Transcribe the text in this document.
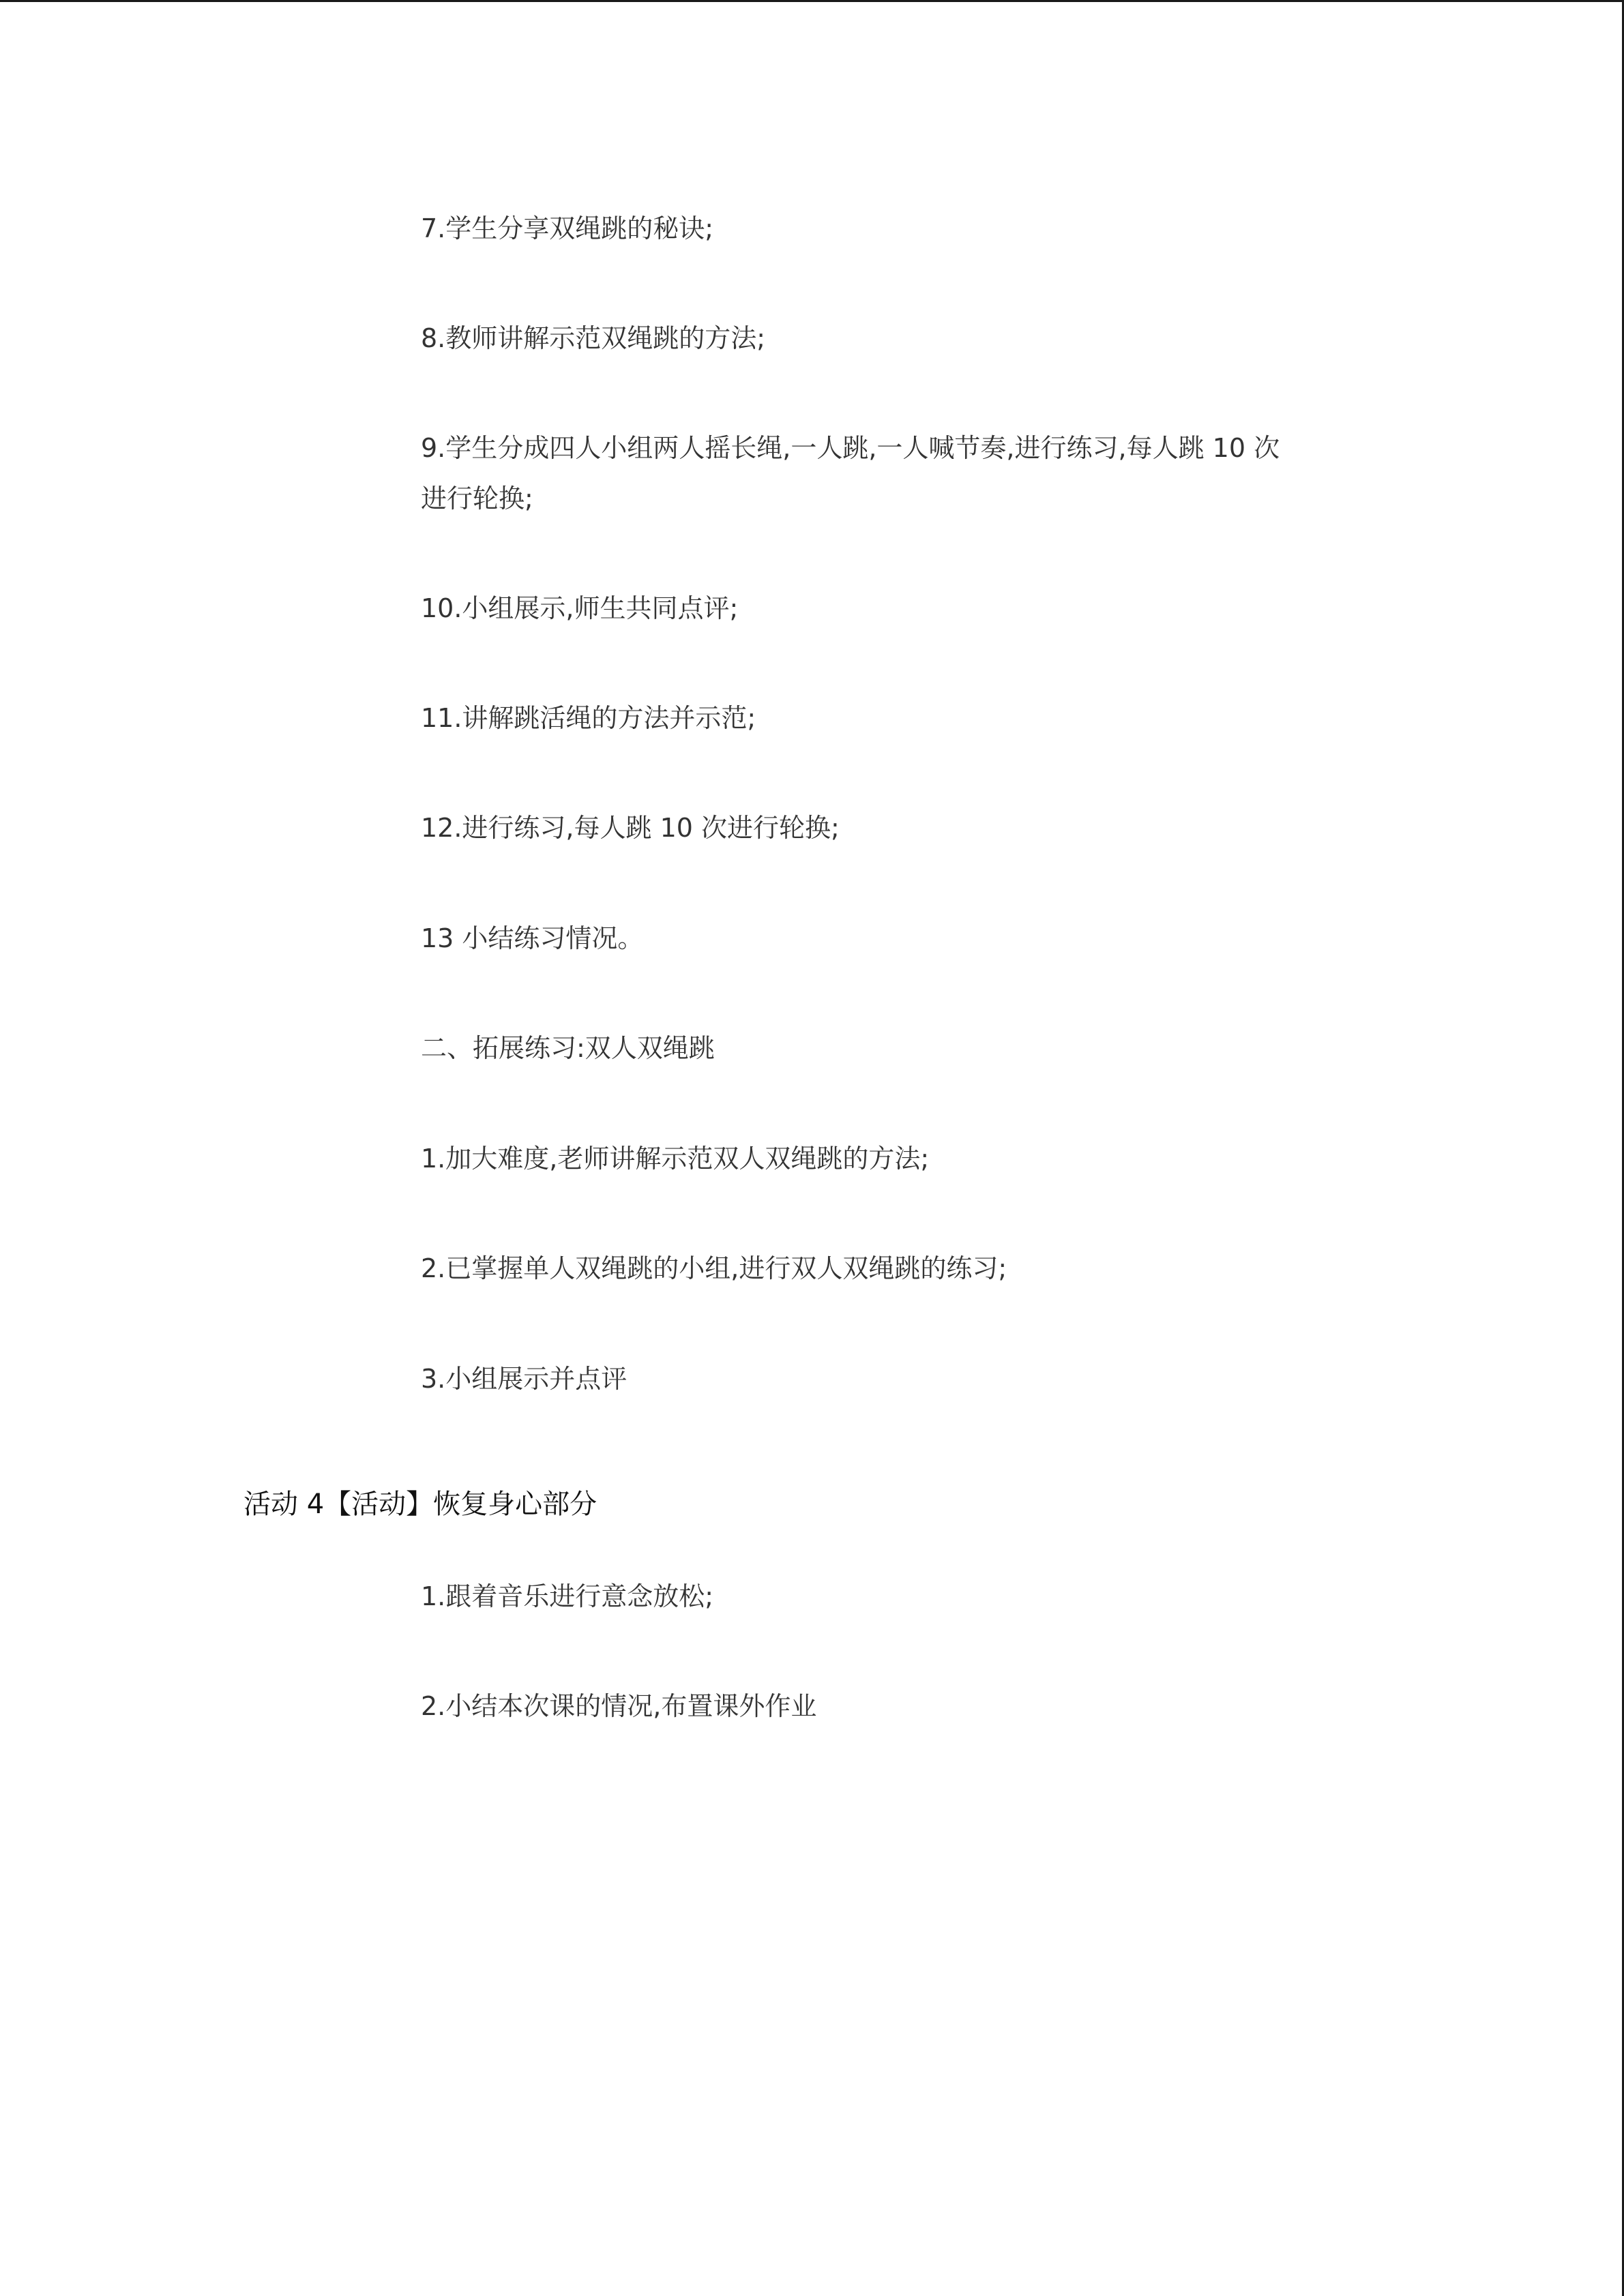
7.学生分享双绳跳的秘诀;
8.教师讲解示范双绳跳的方法;
9.学生分成四人小组两人摇长绳,一人跳,一人喊节奏,进行练习,每人跳 10 次
进行轮换;
10.小组展示,师生共同点评;
11.讲解跳活绳的方法并示范;
12.进行练习,每人跳 10 次进行轮换;
13 小结练习情况。
二、拓展练习:双人双绳跳
1.加大难度,老师讲解示范双人双绳跳的方法;
2.已掌握单人双绳跳的小组,进行双人双绳跳的练习;
3.小组展示并点评
活动 4【活动】恢复身心部分
1.跟着音乐进行意念放松;
2.小结本次课的情况,布置课外作业
